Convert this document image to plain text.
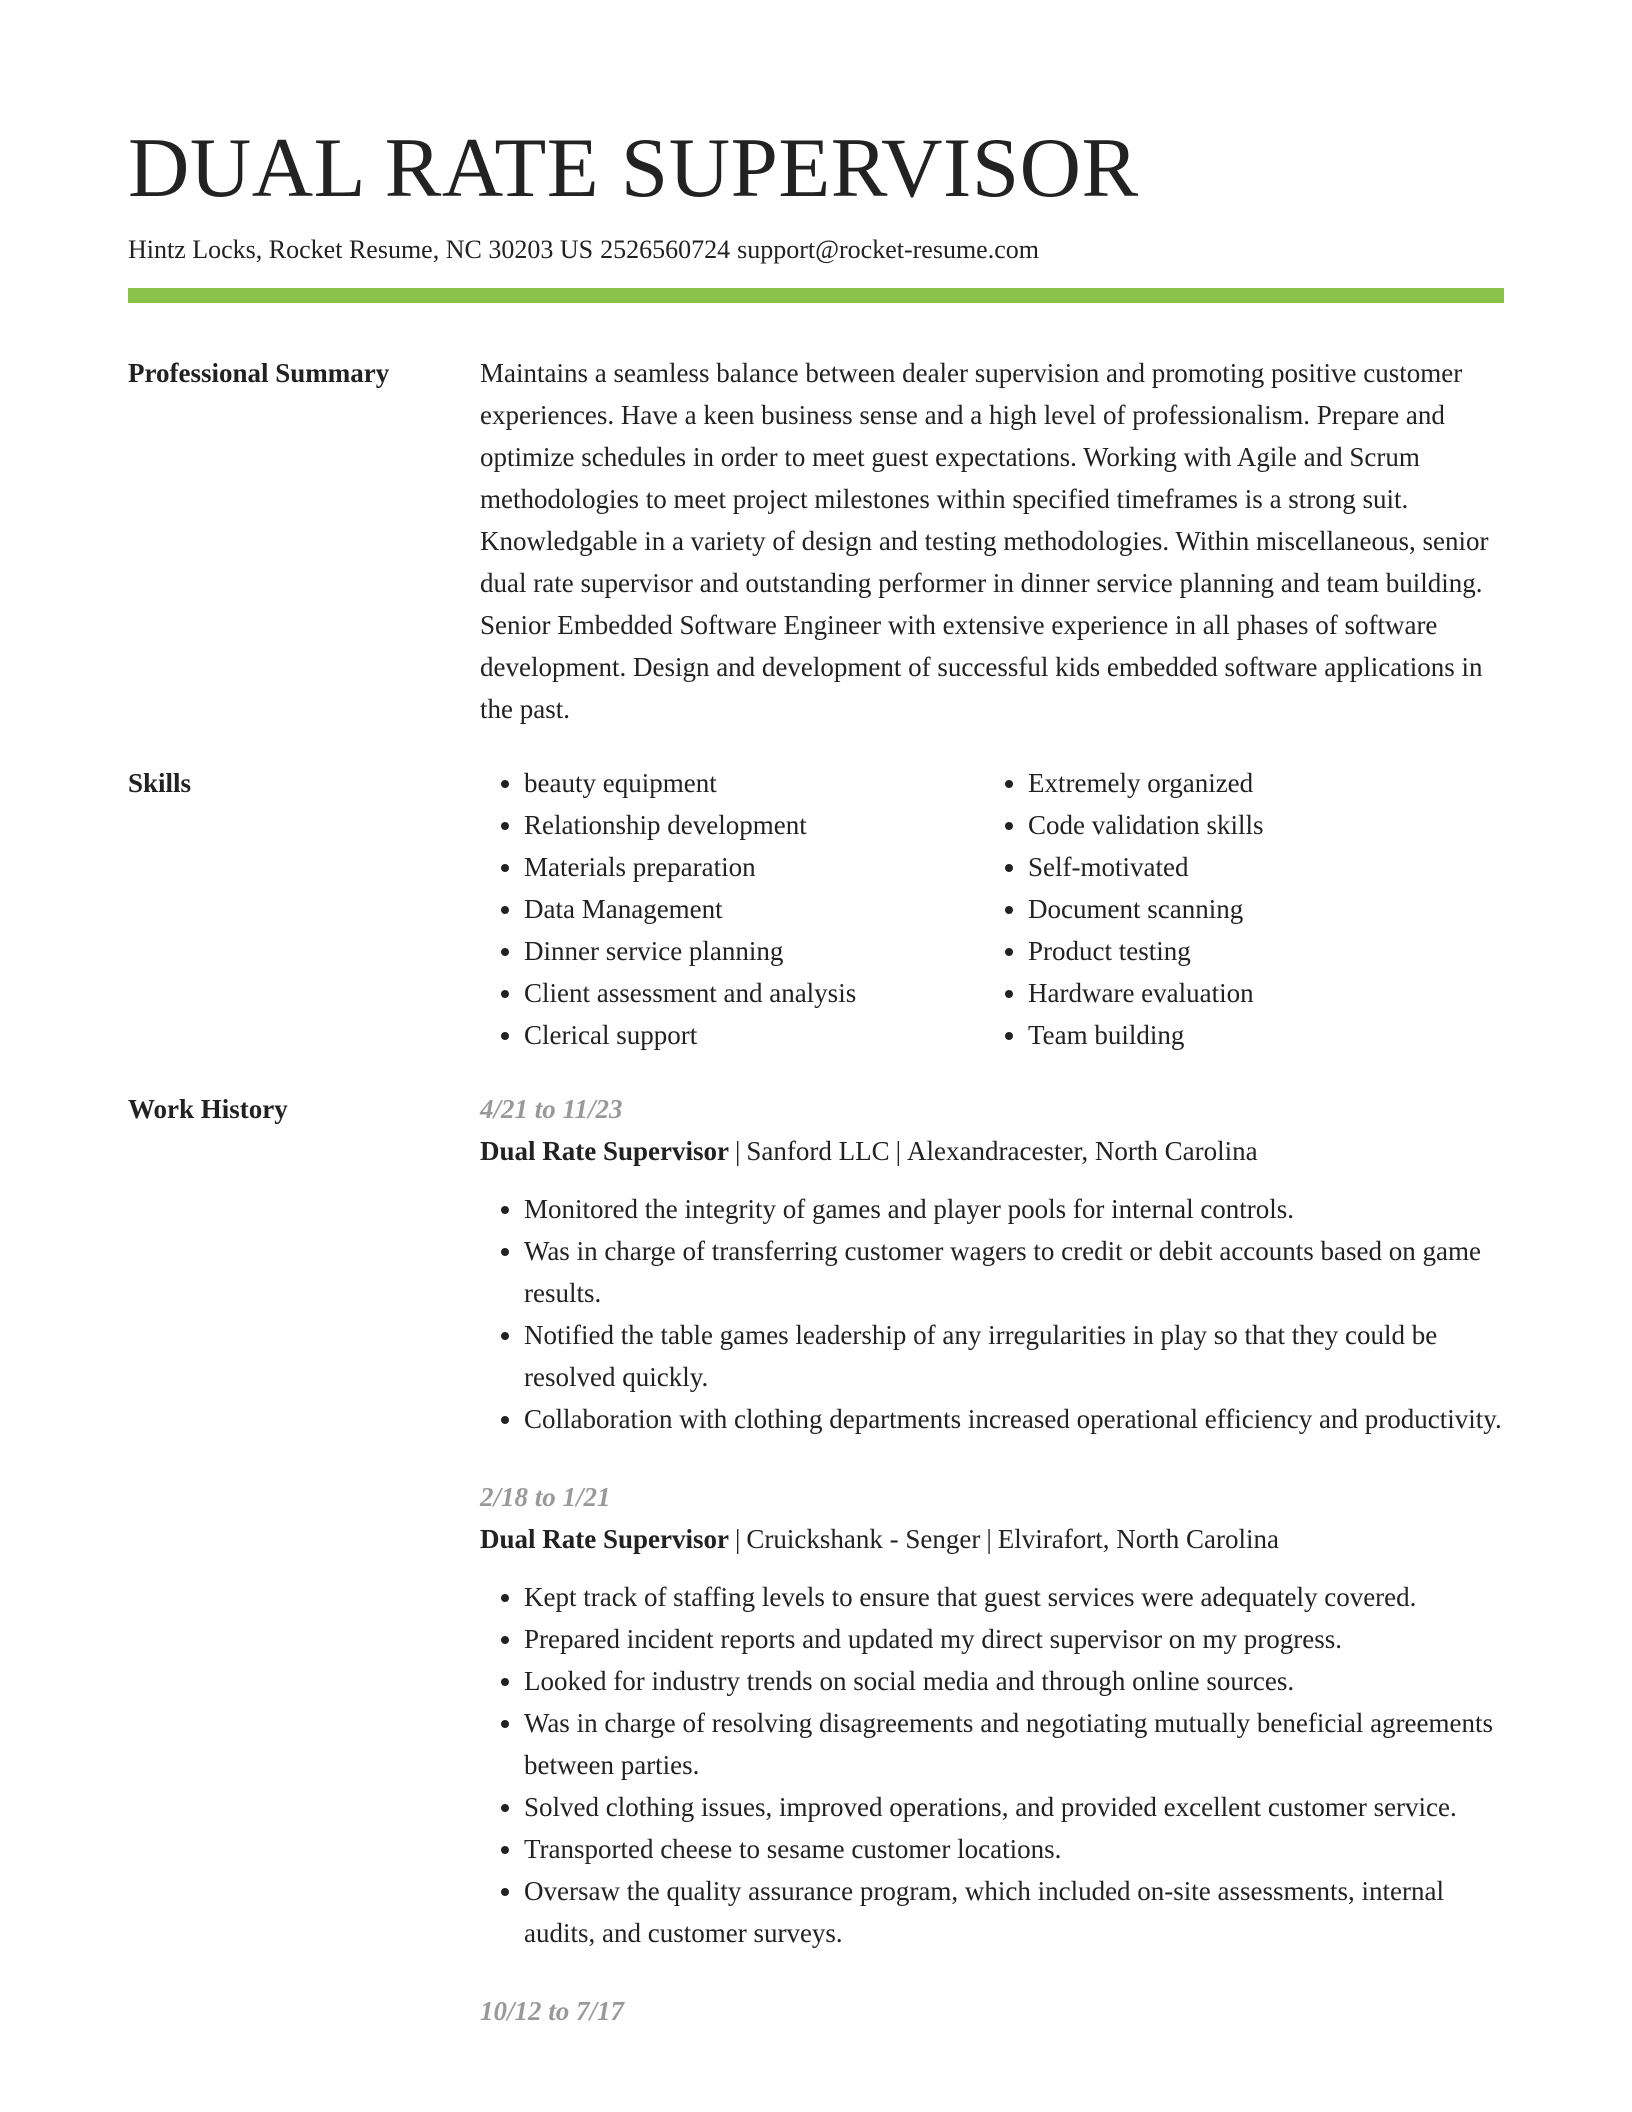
DUAL RATE SUPERVISOR
Hintz Locks, Rocket Resume, NC 30203 US 2526560724 support@rocket-resume.com
Professional Summary	Maintains a seamless balance between dealer supervision and promoting positive customer experiences. Have a keen business sense and a high level of professionalism. Prepare and optimize schedules in order to meet guest expectations. Working with Agile and Scrum methodologies to meet project milestones within specified timeframes is a strong suit. Knowledgable in a variety of design and testing methodologies. Within miscellaneous, senior dual rate supervisor and outstanding performer in dinner service planning and team building. Senior Embedded Software Engineer with extensive experience in all phases of software development. Design and development of successful kids embedded software applications in the past.
Skills
•	beauty equipment
• Relationship development
• Materials preparation
• Data Management
• Dinner service planning
• Client assessment and analysis
• Clerical support
• Extremely organized
• Code validation skills
• Self-motivated
• Document scanning
• Product testing
• Hardware evaluation
• Team building
Work History	4/21 to 11/23
Dual Rate Supervisor | Sanford LLC | Alexandracester, North Carolina
• Monitored the integrity of games and player pools for internal controls.
• Was in charge of transferring customer wagers to credit or debit accounts based on game results.
• Notified the table games leadership of any irregularities in play so that they could be resolved quickly.
• Collaboration with clothing departments increased operational efficiency and productivity.
2/18 to 1/21
Dual Rate Supervisor | Cruickshank - Senger | Elvirafort, North Carolina
• Kept track of staffing levels to ensure that guest services were adequately covered.
• Prepared incident reports and updated my direct supervisor on my progress.
• Looked for industry trends on social media and through online sources.
• Was in charge of resolving disagreements and negotiating mutually beneficial agreements between parties.
• Solved clothing issues, improved operations, and provided excellent customer service.
• Transported cheese to sesame customer locations.
• Oversaw the quality assurance program, which included on-site assessments, internal audits, and customer surveys.
10/12 to 7/17
